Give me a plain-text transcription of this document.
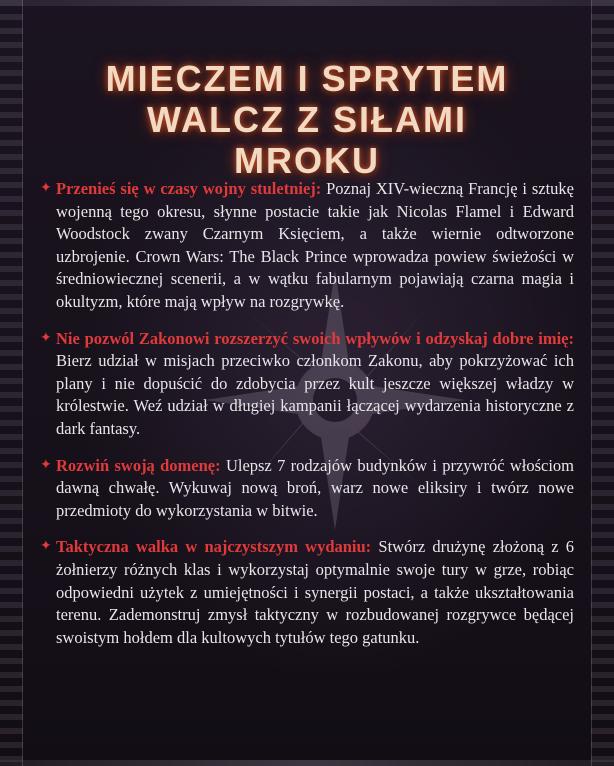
MIECZEM I SPRYTEM
WALCZ Z SIŁAMI
MROKU
✦ Przenieś się w czasy wojny stuletniej: Poznaj XIV-wieczną Francję i sztukę wojenną tego okresu, słynne postacie takie jak Nicolas Flamel i Edward Woodstock zwany Czarnym Księciem, a także wiernie odtworzone uzbrojenie. Crown Wars: The Black Prince wprowadza powiew świeżości w średniowiecznej scenerii, a w wątku fabularnym pojawiają czarna magia i okultyzm, które mają wpływ na rozgrywkę.
✦ Nie pozwól Zakonowi rozszerzyć swoich wpływów i odzyskaj dobre imię: Bierz udział w misjach przeciwko członkom Zakonu, aby pokrzyżować ich plany i nie dopuścić do zdobycia przez kult jeszcze większej władzy w królestwie. Weź udział w długiej kampanii łączącej wydarzenia historyczne z dark fantasy.
✦ Rozwiń swoją domenę: Ulepsz 7 rodzajów budynków i przywróć włościom dawną chwałę. Wykuwaj nową broń, warz nowe eliksiry i twórz nowe przedmioty do wykorzystania w bitwie.
✦ Taktyczna walka w najczystszym wydaniu: Stwórz drużynę złożoną z 6 żołnierzy różnych klas i wykorzystaj optymalnie swoje tury w grze, robiąc odpowiedni użytek z umiejętności i synergii postaci, a także ukształtowania terenu. Zademonstruj zmysł taktyczny w rozbudowanej rozgrywce będącej swoistym hołdem dla kultowych tytułów tego gatunku.
